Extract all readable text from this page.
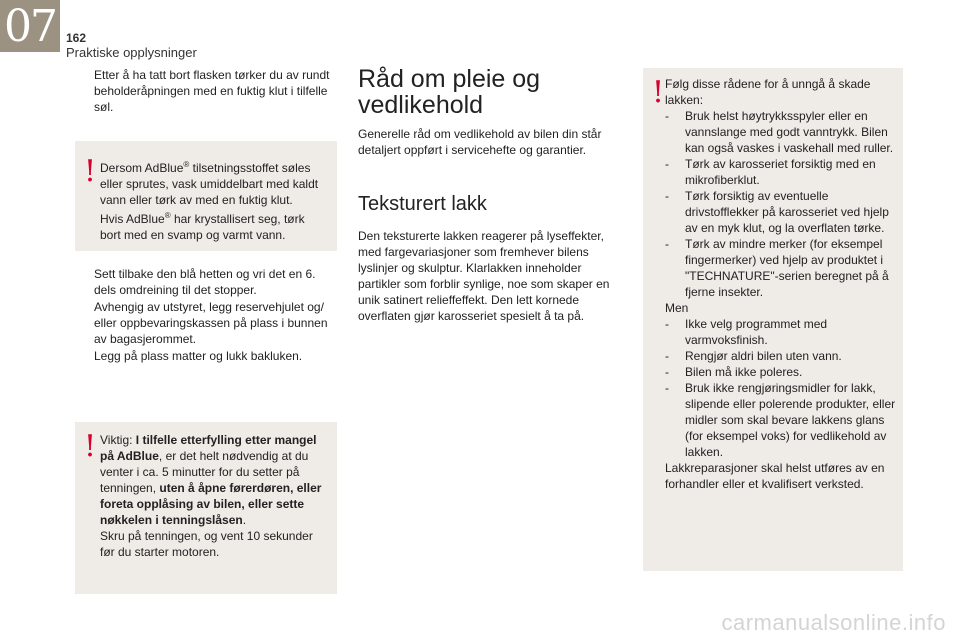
07 162
Praktiske opplysninger
Etter å ha tatt bort flasken tørker du av rundt beholderåpningen med en fuktig klut i tilfelle søl.
! Dersom AdBlue® tilsetningsstoffet søles eller sprutes, vask umiddelbart med kaldt vann eller tørk av med en fuktig klut.

Hvis AdBlue® har krystallisert seg, tørk bort med en svamp og varmt vann.

Sett tilbake den blå hetten og vri det en 6. dels omdreining til det stopper.
Avhengig av utstyret, legg reservehjulet og/ eller oppbevaringskassen på plass i bunnen av bagasjerommet.
Legg på plass matter og lukk bakluken.
! Viktig: I tilfelle etterfylling etter mangel på AdBlue, er det helt nødvendig at du venter i ca. 5 minutter for du setter på tenningen, uten å åpne førerdøren, eller foreta opplåsing av bilen, eller sette nøkkelen i tenningslåsen.

Skru på tenningen, og vent 10 sekunder før du starter motoren.

Råd om pleie og vedlikehold

Generelle råd om vedlikehold av bilen din står detaljert oppført i servicehefte og garantier.

Teksturert lakk

Den teksturerte lakken reagerer på lyseffekter, med fargevariasjoner som fremhever bilens lyslinjer og skulptur. Klarlakken inneholder partikler som forblir synlige, noe som skaper en unik satinert relieffeffekt. Den lett kornede overflaten gjør karosseriet spesielt å ta på.

! Følg disse rådene for å unngå å skade lakken:

- Bruk helst høytrykksspyler eller en vannslange med godt vanntrykk. Bilen kan også vaskes i vaskehall med ruller.
- Tørk av karosseriet forsiktig med en mikrofiberklut.
- Tørk forsiktig av eventuelle drivstofflekker på karosseriet ved hjelp av en myk klut, og la overflaten tørke.
- Tørk av mindre merker (for eksempel fingermerker) ved hjelp av produktet i "TECHNATURE"-serien beregnet på å fjerne insekter.

Men

- Ikke velg programmet med varmvoksfinish.
- Rengjør aldri bilen uten vann.
- Bilen må ikke poleres.
- Bruk ikke rengjøringsmidler for lakk, slipende eller polerende produkter, eller midler som skal bevare lakkens glans (for eksempel voks) for vedlikehold av lakken.

Lakkreparasjoner skal helst utføres av en forhandler eller et kvalifisert verksted.

carmanualsonline.info
